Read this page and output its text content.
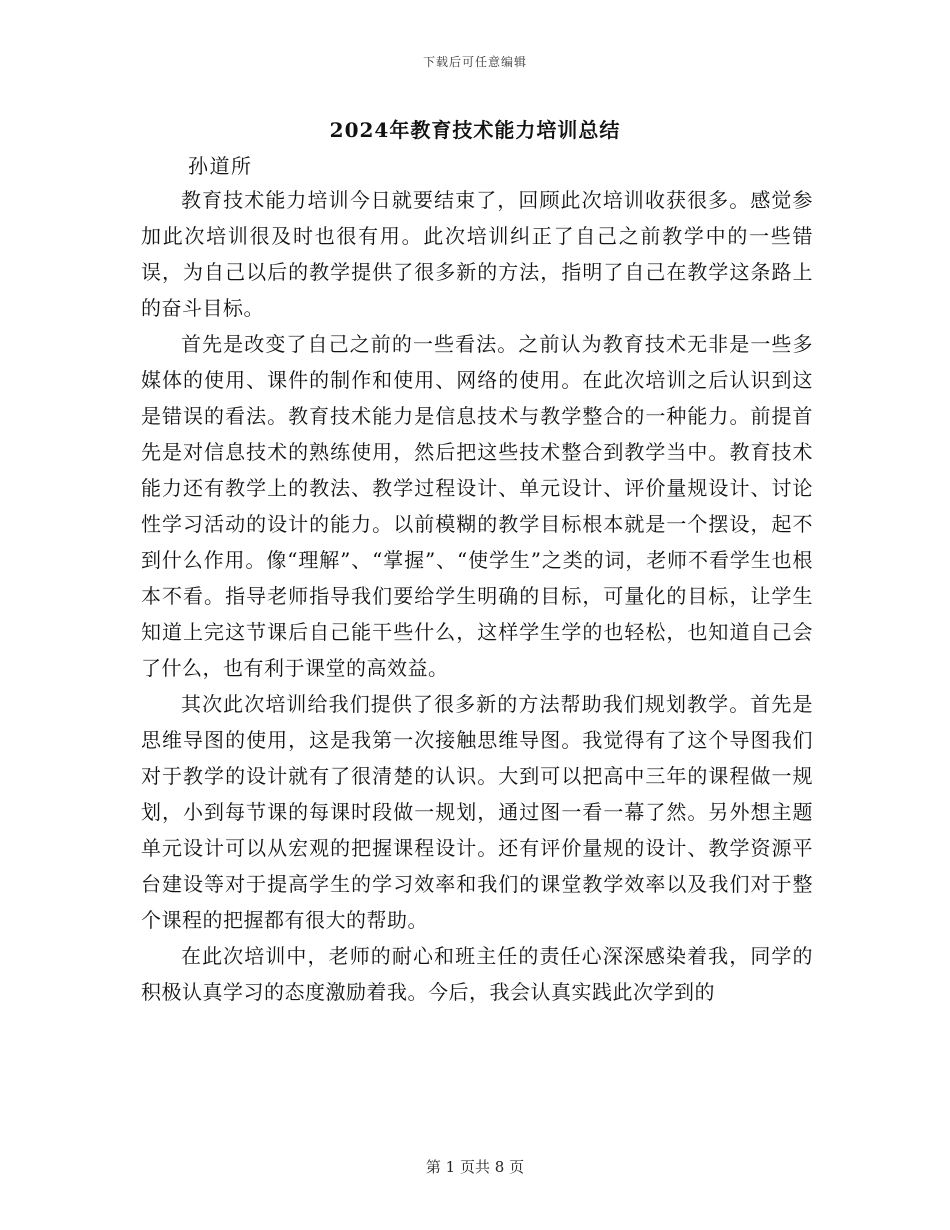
下载后可任意编辑
2024年教育技术能力培训总结
孙道所

教育技术能力培训今日就要结束了，回顾此次培训收获很多。感觉参加此次培训很及时也很有用。此次培训纠正了自己之前教学中的一些错误，为自己以后的教学提供了很多新的方法，指明了自己在教学这条路上的奋斗目标。

首先是改变了自己之前的一些看法。之前认为教育技术无非是一些多媒体的使用、课件的制作和使用、网络的使用。在此次培训之后认识到这是错误的看法。教育技术能力是信息技术与教学整合的一种能力。前提首先是对信息技术的熟练使用，然后把这些技术整合到教学当中。教育技术能力还有教学上的教法、教学过程设计、单元设计、评价量规设计、讨论性学习活动的设计的能力。以前模糊的教学目标根本就是一个摆设，起不到什么作用。像“理解”、“掌握”、“使学生”之类的词，老师不看学生也根本不看。指导老师指导我们要给学生明确的目标，可量化的目标，让学生知道上完这节课后自己能干些什么，这样学生学的也轻松，也知道自己会了什么，也有利于课堂的高效益。

其次此次培训给我们提供了很多新的方法帮助我们规划教学。首先是思维导图的使用，这是我第一次接触思维导图。我觉得有了这个导图我们对于教学的设计就有了很清楚的认识。大到可以把高中三年的课程做一规划，小到每节课的每课时段做一规划，通过图一看一幕了然。另外想主题单元设计可以从宏观的把握课程设计。还有评价量规的设计、教学资源平台建设等对于提高学生的学习效率和我们的课堂教学效率以及我们对于整个课程的把握都有很大的帮助。

在此次培训中，老师的耐心和班主任的责任心深深感染着我，同学的积极认真学习的态度激励着我。今后，我会认真实践此次学到的

第 1 页共 8 页
